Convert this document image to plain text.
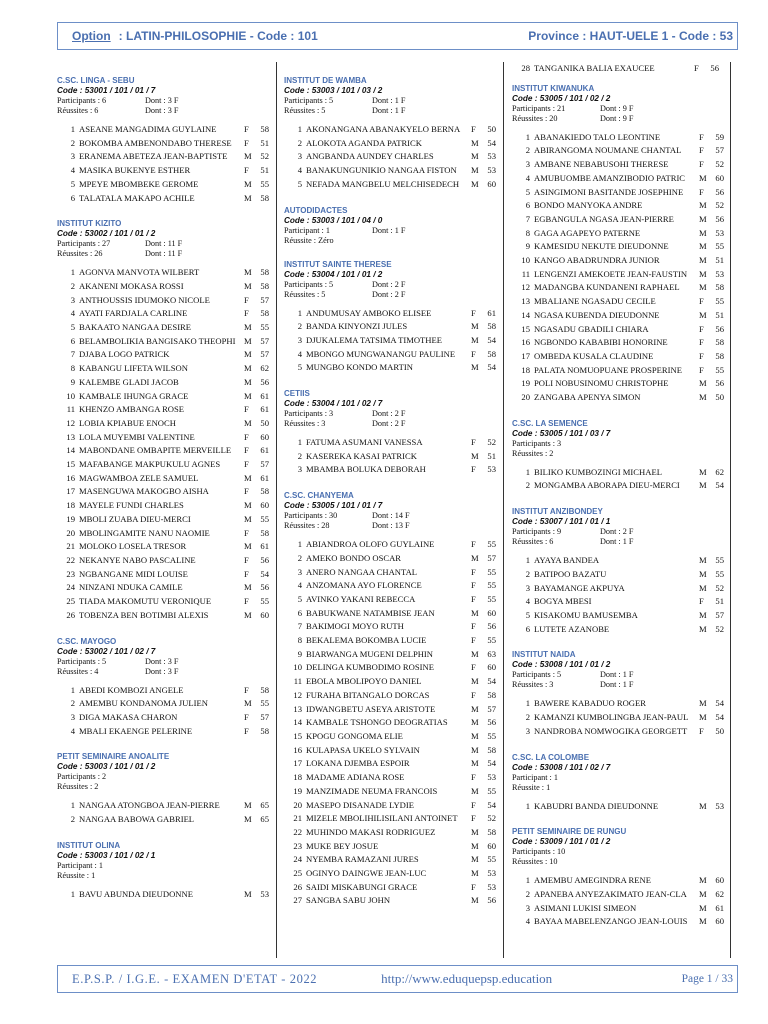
Option : LATIN-PHILOSOPHIE - Code : 101	Province : HAUT-UELE 1 - Code : 53
C.SC. LINGA - SEBU
Code : 53001 / 101 / 01 / 7
Participants : 6	Dont : 3 F
Réussites : 6	Dont : 3 F
1 ASEANE MANGADIMA GUYLAINE	F	58
2 BOKOMBA AMBENONDABO THERESE	F	51
3 ERANEMA ABETEZA JEAN-BAPTISTE	M	52
4 MASIKA BUKENYE ESTHER	F	51
5 MPEYE MBOMBEKE GEROME	M	55
6 TALATALA MAKAPO ACHILE	M	58
INSTITUT KIZITO
Code : 53002 / 101 / 01 / 2
Participants : 27	Dont : 11 F
Réussites : 26	Dont : 11 F
1 AGONVA MANVOTA WILBERT	M	58
2 AKANENI MOKASA ROSSI	M	58
3 ANTHOUSSIS IDUMOKO NICOLE	F	57
4 AYATI FARDJALA CARLINE	F	58
5 BAKAATO NANGAA DESIRE	M	55
6 BELAMBOLIKIA BANGISAKO THEOPHI M	57
7 DJABA LOGO PATRICK	M	57
8 KABANGU LIFETA WILSON	M	62
9 KALEMBE GLADI JACOB	M	56
10 KAMBALE IHUNGA GRACE	M	61
11 KHENZO AMBANGA ROSE	F	61
12 LOBIA KPIABUE ENOCH	M	50
13 LOLA MUYEMBI VALENTINE	F	60
14 MABONDANE OMBAPITE MERVEILLE	F	61
15 MAFABANGE MAKPUKULU AGNES	F	57
16 MAGWAMBOA ZELE SAMUEL	M	61
17 MASENGUWA MAKOGBO AISHA	F	58
18 MAYELE FUNDI CHARLES	M	60
19 MBOLI ZUABA DIEU-MERCI	M	55
20 MBOLINGAMITE NANU NAOMIE	F	58
21 MOLOKO LOSELA TRESOR	M	61
22 NEKANYE NABO PASCALINE	F	56
23 NGBANGANE MIDI LOUISE	F	54
24 NINZANI NDUKA CAMILE	M	56
25 TIADA MAKOMUTU VERONIQUE	F	55
26 TOBENZA BEN BOTIMBI ALEXIS	M	60
C.SC. MAYOGO
Code : 53002 / 101 / 02 / 7
Participants : 5	Dont : 3 F
Réussites : 4	Dont : 3 F
1 ABEDI KOMBOZI ANGELE	F	58
2 AMEMBU KONDANOMA JULIEN	M	55
3 DIGA MAKASA CHARON	F	57
4 MBALI EKAENGE PELERINE	F	58
PETIT SEMINAIRE ANOALITE
Code : 53003 / 101 / 01 / 2
Participants : 2
Réussites : 2
1 NANGAA ATONGBOA JEAN-PIERRE	M	65
2 NANGAA BABOWA GABRIEL	M	65
INSTITUT OLINA
Code : 53003 / 101 / 02 / 1
Participant : 1
Réussite : 1
1 BAVU ABUNDA DIEUDONNE	M	53
INSTITUT DE WAMBA
Code : 53003 / 101 / 03 / 2
Participants : 5	Dont : 1 F
Réussites : 5	Dont : 1 F
1 AKONANGANA ABANAKYELO BERNA	F	50
2 ALOKOTA AGANDA PATRICK	M	54
3 ANGBANDA AUNDEY CHARLES	M	53
4 BANAKUNGUNIKIO NANGAA FISTON	M	53
5 NEFADA MANGBELU MELCHISEDECH	M	60
AUTODIDACTES
Code : 53003 / 101 / 04 / 0
Participant : 1	Dont : 1 F
Réussite : Zéro
INSTITUT SAINTE THERESE
Code : 53004 / 101 / 01 / 2
Participants : 5	Dont : 2 F
Réussites : 5	Dont : 2 F
1 ANDUMUSAY AMBOKO ELISEE	F	61
2 BANDA KINYONZI JULES	M	58
3 DJUKALEMA TATSIMA TIMOTHEE	M	54
4 MBONGO MUNGWANANGU PAULINE	F	58
5 MUNGBO KONDO MARTIN	M	54
CETIIS
Code : 53004 / 101 / 02 / 7
Participants : 3	Dont : 2 F
Réussites : 3	Dont : 2 F
1 FATUMA ASUMANI VANESSA	F	52
2 KASEREKA KASAI PATRICK	M	51
3 MBAMBA BOLUKA DEBORAH	F	53
C.SC. CHANYEMA
Code : 53005 / 101 / 01 / 7
Participants : 30	Dont : 14 F
Réussites : 28	Dont : 13 F
1 ABIANDROA OLOFO GUYLAINE	F	55
2 AMEKO BONDO OSCAR	M	57
3 ANERO NANGAA CHANTAL	F	55
4 ANZOMANA AYO FLORENCE	F	55
5 AVINKO YAKANI REBECCA	F	55
6 BABUKWANE NATAMBISE JEAN	M	60
7 BAKIMOGI MOYO RUTH	F	56
8 BEKALEMA BOKOMBA LUCIE	F	55
9 BIARWANGA MUGENI DELPHIN	M	63
10 DELINGA KUMBODIMO ROSINE	F	60
11 EBOLA MBOLIPOYO DANIEL	M	54
12 FURAHA BITANGALO DORCAS	F	58
13 IDWANGBETU ASEYA ARISTOTE	M	57
14 KAMBALE TSHONGO DEOGRATIAS	M	56
15 KPOGU GONGOMA ELIE	M	55
16 KULAPASA UKELO SYLVAIN	M	58
17 LOKANA DJEMBA ESPOIR	M	54
18 MADAME ADIANA ROSE	F	53
19 MANZIMADE NEUMA FRANCOIS	M	55
20 MASEPO DISANADE LYDIE	F	54
21 MIZELE MBOLIHILISILANI ANTOINET	F	52
22 MUHINDO MAKASI RODRIGUEZ	M	58
23 MUKE BEY JOSUE	M	60
24 NYEMBA RAMAZANI JURES	M	55
25 OGINYO DAINGWE JEAN-LUC	M	53
26 SAIDI MISKABUNGI GRACE	F	53
27 SANGBA SABU JOHN	M	56
28 TANGANIKA BALIA EXAUCEE	F	56
INSTITUT KIWANUKA
Code : 53005 / 101 / 02 / 2
Participants : 21	Dont : 9 F
Réussites : 20	Dont : 9 F
1 ABANAKIEDO TALO LEONTINE	F	59
2 ABIRANGOMA NOUMANE CHANTAL	F	57
3 AMBANE NEBABUSOHI THERESE	F	52
4 AMUBUOMBE AMANZIBODIO PATRIC	M	60
5 ASINGIMONI BASITANDE JOSEPHINE	F	56
6 BONDO MANYOKA ANDRE	M	52
7 EGBANGULA NGASA JEAN-PIERRE	M	56
8 GAGA AGAPEYO PATERNE	M	53
9 KAMESIDU NEKUTE DIEUDONNE	M	55
10 KANGO ABADRUNDRA JUNIOR	M	51
11 LENGENZI AMEKOETE JEAN-FAUSTIN	M	53
12 MADANGBA KUNDANENI RAPHAEL	M	58
13 MBALIANE NGASADU CECILE	F	55
14 NGASA KUBENDA DIEUDONNE	M	51
15 NGASADU GBADILI CHIARA	F	56
16 NGBONDO KABABIBI HONORINE	F	58
17 OMBEDA KUSALA CLAUDINE	F	58
18 PALATA NOMUOPUANE PROSPERINE	F	55
19 POLI NOBUSINOMU CHRISTOPHE	M	56
20 ZANGABA APENYA SIMON	M	50
C.SC. LA SEMENCE
Code : 53005 / 101 / 03 / 7
Participants : 3
Réussites : 2
1 BILIKO KUMBOZINGI MICHAEL	M	62
2 MONGAMBA ABORAPA DIEU-MERCI	M	54
INSTITUT ANZIBONDEY
Code : 53007 / 101 / 01 / 1
Participants : 9	Dont : 2 F
Réussites : 6	Dont : 1 F
1 AYAYA BANDEA	M	55
2 BATIPOO BAZATU	M	55
3 BAYAMANGE AKPUYA	M	52
4 BOGYA MBESI	F	51
5 KISAKOMU BAMUSEMBA	M	57
6 LUTETE AZANOBE	M	52
INSTITUT NAIDA
Code : 53008 / 101 / 01 / 2
Participants : 5	Dont : 1 F
Réussites : 3	Dont : 1 F
1 BAWERE KABADUO ROGER	M	54
2 KAMANZI KUMBOLINGBA JEAN-PAUL	M	54
3 NANDROBA NOMWOGIKA GEORGETT	F	50
C.SC. LA COLOMBE
Code : 53008 / 101 / 02 / 7
Participant : 1
Réussite : 1
1 KABUDRI BANDA DIEUDONNE	M	53
PETIT SEMINAIRE DE RUNGU
Code : 53009 / 101 / 01 / 2
Participants : 10
Réussites : 10
1 AMEMBU AMEGINDRA RENE	M	60
2 APANEBA ANYEZAKIMATO JEAN-CLA	M	62
3 ASIMANI LUKISI SIMEON	M	61
4 BAYAA MABELENZANGO JEAN-LOUIS	M	60
E.P.S.P. / I.G.E. - EXAMEN D'ETAT - 2022	http://www.eduquepsp.education	Page 1 / 33
